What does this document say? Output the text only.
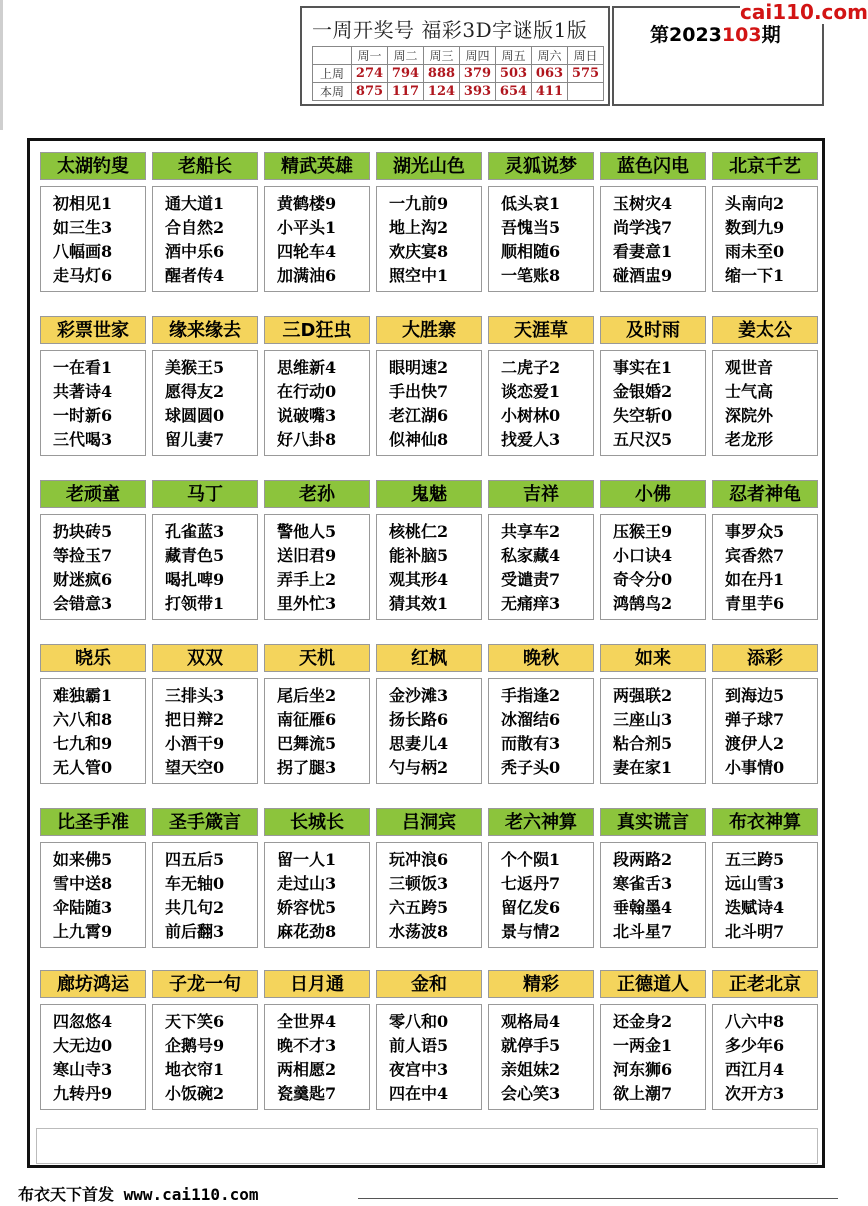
一周开奖号 福彩3D字谜版1版
	周一	周二	周三	周四	周五	周六	周日
上周	274	794	888	379	503	063	575
本周	875	117	124	393	654	411	
第2023103期
cai110.com
太湖钓叟
初相见1
如三生3
八幅画8
走马灯6
老船长
通大道1
合自然2
酒中乐6
醒者传4
精武英雄
黄鹤楼9
小平头1
四轮车4
加满油6
湖光山色
一九前9
地上沟2
欢庆宴8
照空中1
灵狐说梦
低头哀1
吾愧当5
顺相随6
一笔账8
蓝色闪电
玉树灾4
尚学浅7
看妻意1
碰酒盅9
北京千艺
头南向2
数到九9
雨未至0
缩一下1
彩票世家
一在看1
共著诗4
一时新6
三代喝3
缘来缘去
美猴王5
愿得友2
球圆圆0
留儿妻7
三D狂虫
思维新4
在行动0
说破嘴3
好八卦8
大胜寨
眼明速2
手出快7
老江湖6
似神仙8
天涯草
二虎子2
谈恋爱1
小树林0
找爱人3
及时雨
事实在1
金银婚2
失空斩0
五尺汉5
姜太公
观世音
士气高
深院外
老龙形
老顽童
扔块砖5
等捡玉7
财迷疯6
会错意3
马丁
孔雀蓝3
藏青色5
喝扎啤9
打领带1
老孙
警他人5
送旧君9
弄手上2
里外忙3
鬼魅
核桃仁2
能补脑5
观其形4
猜其效1
吉祥
共享车2
私家藏4
受谴责7
无痛痒3
小佛
压猴王9
小口诀4
奇令分0
鸿鹄鸟2
忍者神龟
事罗众5
宾香然7
如在丹1
青里芋6
晓乐
难独霸1
六八和8
七九和9
无人管0
双双
三排头3
把日辩2
小酒干9
望天空0
天机
尾后坐2
南征雁6
巴舞流5
拐了腿3
红枫
金沙滩3
扬长路6
思妻儿4
勺与柄2
晚秋
手指逢2
冰溜结6
而散有3
秃子头0
如来
两强联2
三座山3
粘合剂5
妻在家1
添彩
到海边5
弹子球7
渡伊人2
小事情0
比圣手准
如来佛5
雪中送8
伞陆随3
上九霄9
圣手箴言
四五后5
车无轴0
共几句2
前后翻3
长城长
留一人1
走过山3
娇容忧5
麻花劲8
吕洞宾
玩冲浪6
三顿饭3
六五跨5
水荡波8
老六神算
个个陨1
七返丹7
留亿发6
景与情2
真实谎言
段两路2
寒雀舌3
垂翰墨4
北斗星7
布衣神算
五三跨5
远山雪3
迭赋诗4
北斗明7
廊坊鸿运
四忽悠4
大无边0
寒山寺3
九转丹9
子龙一句
天下笑6
企鹅号9
地衣帘1
小饭碗2
日月通
全世界4
晚不才3
两相愿2
瓷羹匙7
金和
零八和0
前人语5
夜宫中3
四在中4
精彩
观格局4
就停手5
亲姐妹2
会心笑3
正德道人
还金身2
一两金1
河东狮6
欲上潮7
正老北京
八六中8
多少年6
西江月4
次开方3
布衣天下首发 www.cai110.com
